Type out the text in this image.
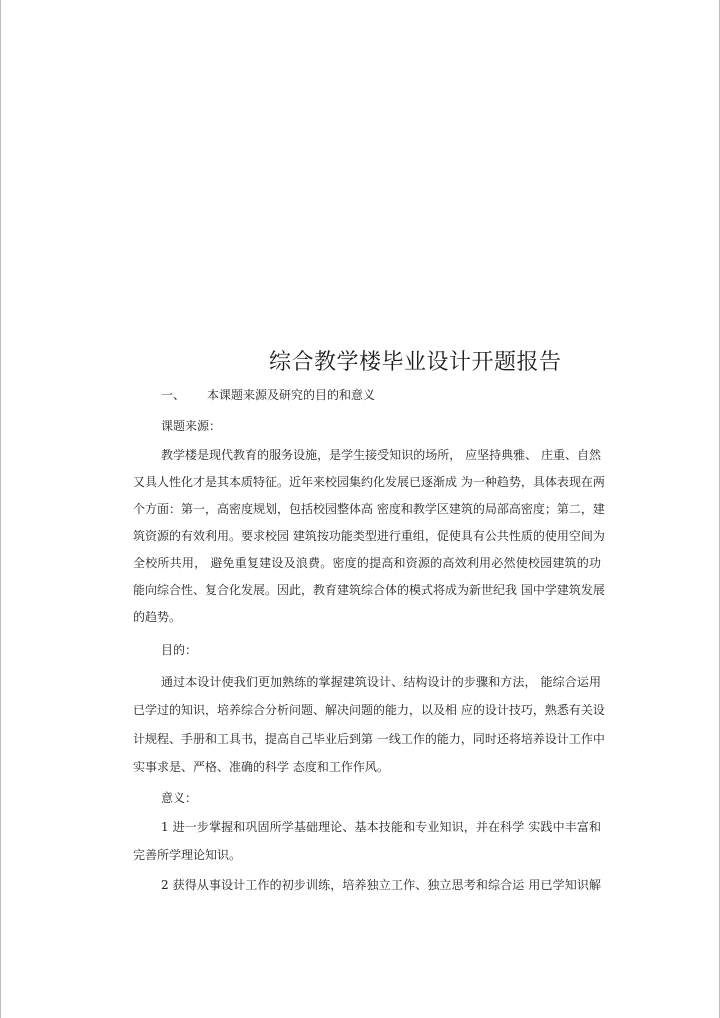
综合教学楼毕业设计开题报告
一、 本课题来源及研究的目的和意义
课题来源：
教学楼是现代教育的服务设施，是学生接受知识的场所， 应坚持典雅、 庄重、自然
又具人性化才是其本质特征。近年来校园集约化发展已逐渐成 为一种趋势，具体表现在两
个方面：第一，高密度规划，包括校园整体高 密度和教学区建筑的局部高密度；第二，建
筑资源的有效利用。要求校园 建筑按功能类型进行重组，促使具有公共性质的使用空间为
全校所共用， 避免重复建设及浪费。密度的提高和资源的高效利用必然使校园建筑的功
能向综合性、复合化发展。因此，教育建筑综合体的模式将成为新世纪我 国中学建筑发展
的趋势。
目的：
通过本设计使我们更加熟练的掌握建筑设计、结构设计的步骤和方法， 能综合运用
已学过的知识，培养综合分析问题、解决问题的能力，以及相 应的设计技巧，熟悉有关设
计规程、手册和工具书，提高自己毕业后到第 一线工作的能力，同时还将培养设计工作中
实事求是、严格、准确的科学 态度和工作作风。
意义：
1 进一步掌握和巩固所学基础理论、基本技能和专业知识，并在科学 实践中丰富和
完善所学理论知识。
2 获得从事设计工作的初步训练，培养独立工作、独立思考和综合运 用已学知识解
